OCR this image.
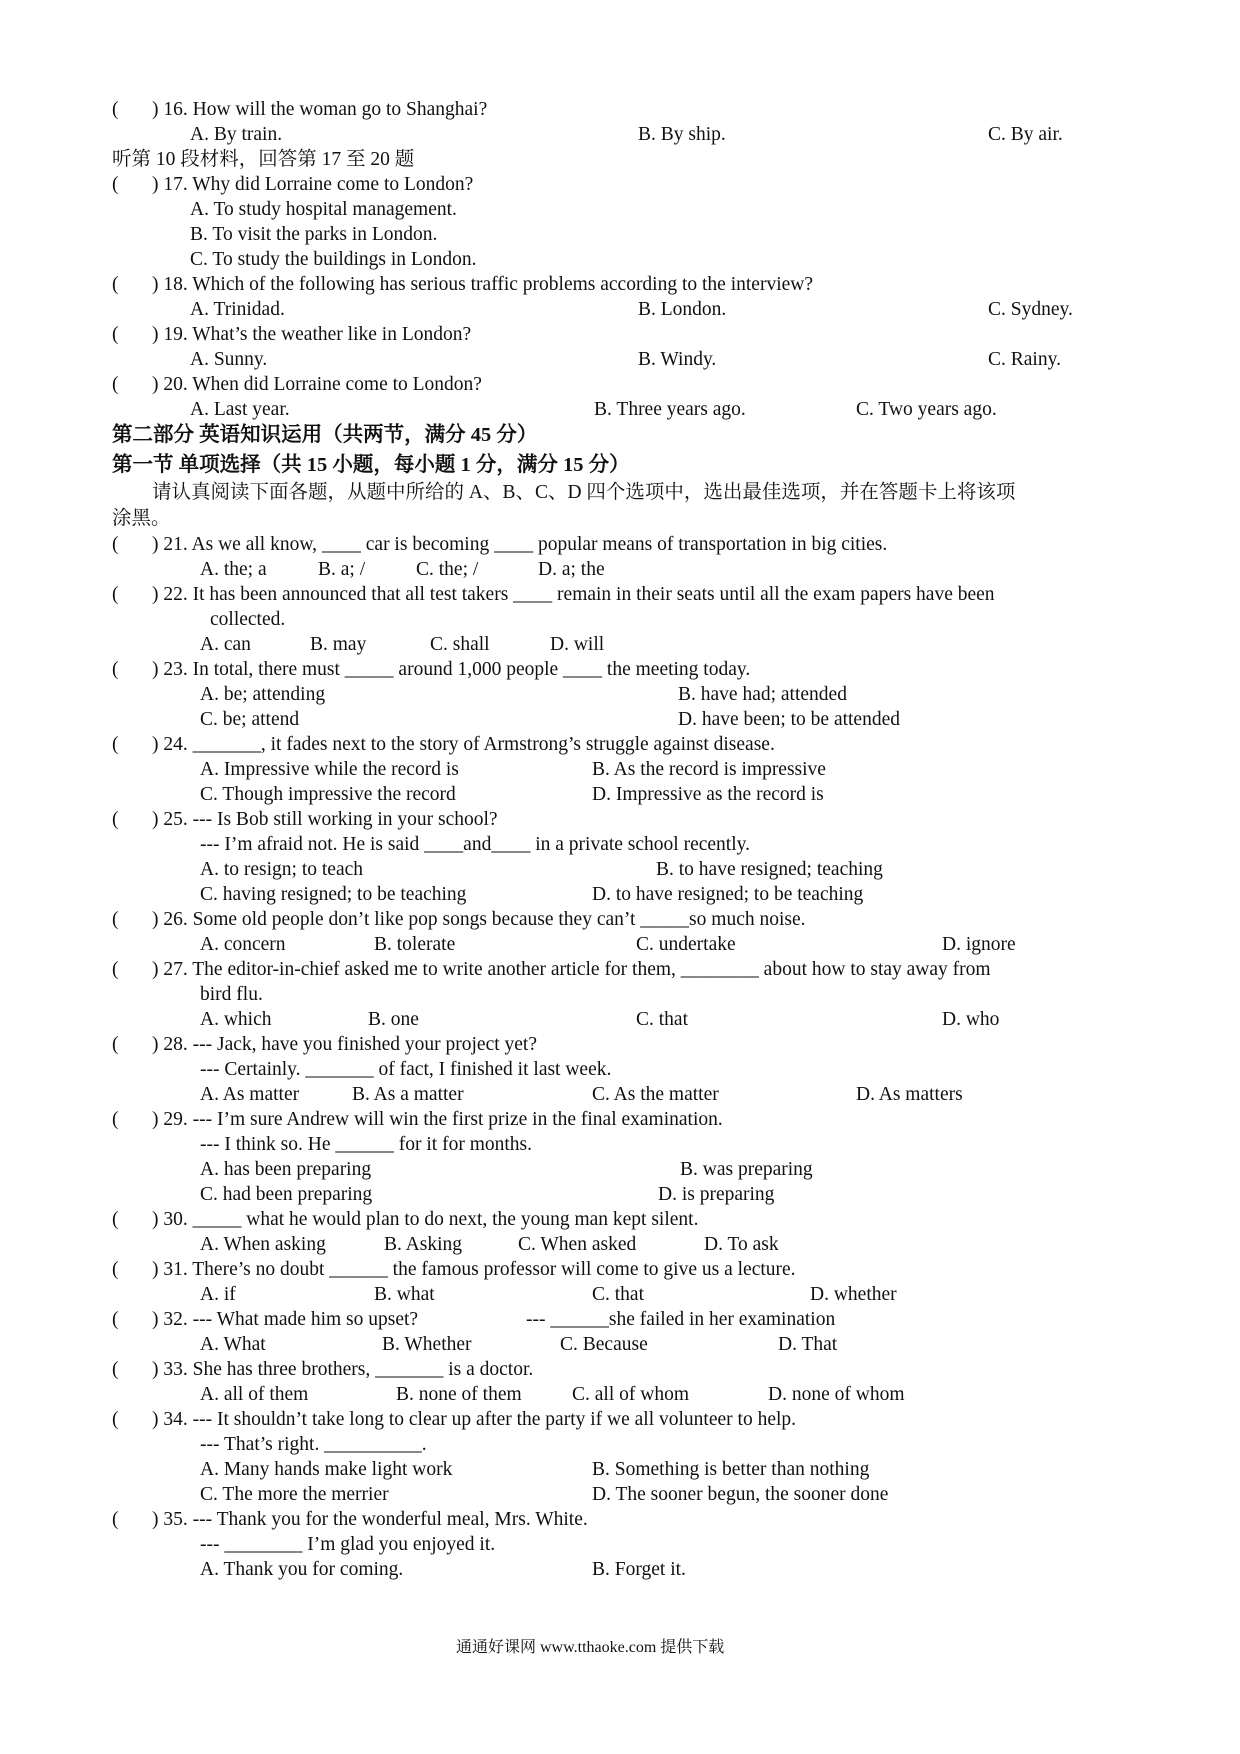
( ) 16. How will the woman go to Shanghai?
A. By train.	B. By ship.	C. By air.
听第 10 段材料，回答第 17 至 20 题
( ) 17. Why did Lorraine come to London?
A. To study hospital management.
B. To visit the parks in London.
C. To study the buildings in London.
( ) 18. Which of the following has serious traffic problems according to the interview?
A. Trinidad.	B. London.	C. Sydney.
( ) 19. What’s the weather like in London?
A. Sunny.	B. Windy.	C. Rainy.
( ) 20. When did Lorraine come to London?
A. Last year.	B. Three years ago.	C. Two years ago.
第二部分 英语知识运用（共两节，满分 45 分）
第一节 单项选择（共 15 小题，每小题 1 分，满分 15 分）
请认真阅读下面各题，从题中所给的 A、B、C、D 四个选项中，选出最佳选项，并在答题卡上将该项
涂黑。
( ) 21. As we all know, ____ car is becoming ____ popular means of transportation in big cities.
A. the; a	B. a; /	C. the; /	D. a; the
( ) 22. It has been announced that all test takers ____ remain in their seats until all the exam papers have been
collected.
A. can	B. may	C. shall	D. will
( ) 23. In total, there must _____ around 1,000 people ____ the meeting today.
A. be; attending	B. have had; attended
C. be; attend	D. have been; to be attended
( ) 24. _______, it fades next to the story of Armstrong’s struggle against disease.
A. Impressive while the record is	B. As the record is impressive
C. Though impressive the record	D. Impressive as the record is
( ) 25. --- Is Bob still working in your school?
--- I’m afraid not. He is said ____and____ in a private school recently.
A. to resign; to teach	B. to have resigned; teaching
C. having resigned; to be teaching	D. to have resigned; to be teaching
( ) 26. Some old people don’t like pop songs because they can’t _____so much noise.
A. concern	B. tolerate	C. undertake	D. ignore
( ) 27. The editor-in-chief asked me to write another article for them, ________ about how to stay away from
bird flu.
A. which	B. one	C. that	D. who
( ) 28. --- Jack, have you finished your project yet?
--- Certainly. _______ of fact, I finished it last week.
A. As matter	B. As a matter	C. As the matter	D. As matters
( ) 29. --- I’m sure Andrew will win the first prize in the final examination.
--- I think so. He ______ for it for months.
A. has been preparing	B. was preparing
C. had been preparing	D. is preparing
( ) 30. _____ what he would plan to do next, the young man kept silent.
A. When asking	B. Asking	C. When asked	D. To ask
( ) 31. There’s no doubt ______ the famous professor will come to give us a lecture.
A. if	B. what	C. that	D. whether
( ) 32. --- What made him so upset?	--- ______she failed in her examination
A. What	B. Whether	C. Because	D. That
( ) 33. She has three brothers, _______ is a doctor.
A. all of them	B. none of them	C. all of whom	D. none of whom
( ) 34. --- It shouldn’t take long to clear up after the party if we all volunteer to help.
--- That’s right. __________.
A. Many hands make light work	B. Something is better than nothing
C. The more the merrier	D. The sooner begun, the sooner done
( ) 35. --- Thank you for the wonderful meal, Mrs. White.
--- ________ I’m glad you enjoyed it.
A. Thank you for coming.	B. Forget it.
通通好课网 www.tthaoke.com 提供下载
